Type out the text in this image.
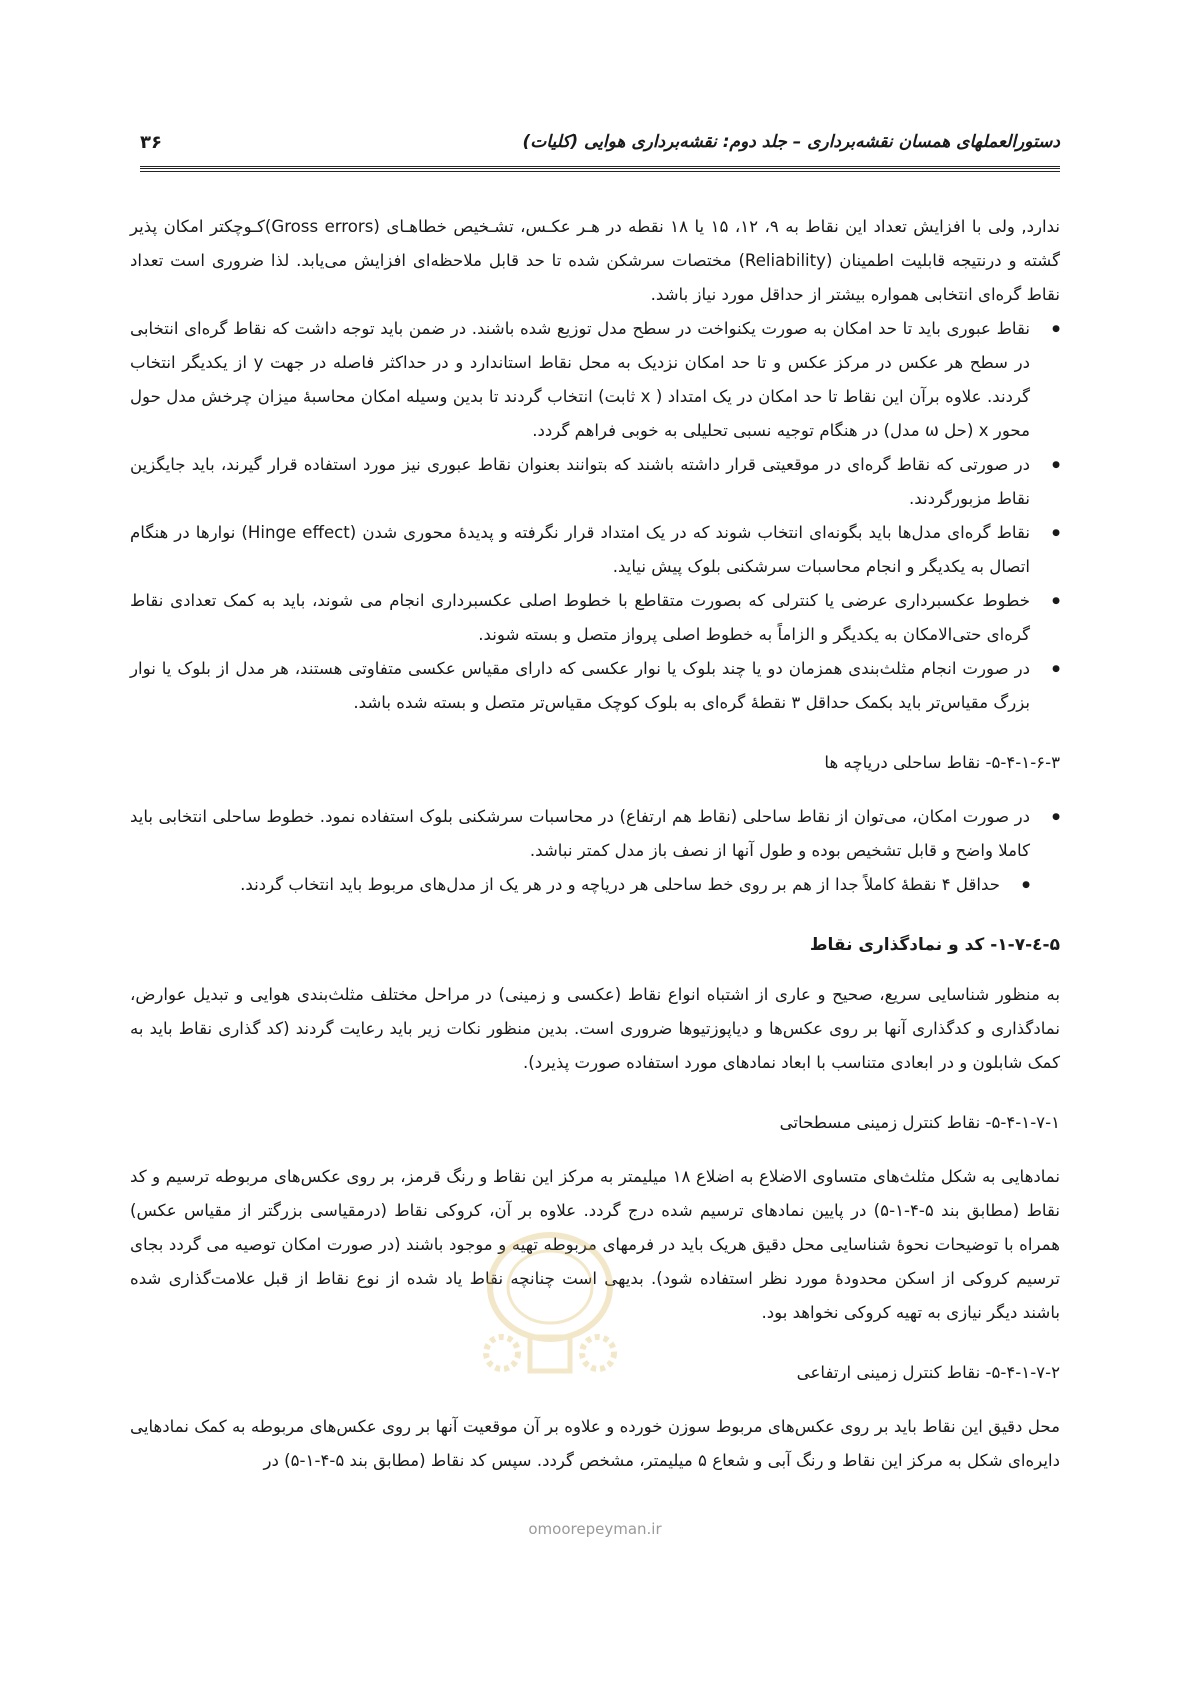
دستورالعملهای همسان نقشه‌برداری – جلد دوم: نقشه‌برداری هوایی (کلیات)
۳۶

ندارد, ولی با افزایش تعداد این نقاط به ۹، ۱۲، ۱۵ یا ۱۸ نقطه در هـر عکـس، تشـخیص خطاهـای (Gross errors)کـوچکتر امکان پذیر گشته و درنتیجه قابلیت اطمینان (Reliability) مختصات سرشکن شده تا حد قابل ملاحظه‌ای افزایش می‌یابد. لذا ضروری است تعداد نقاط گره‌ای انتخابی همواره بیشتر از حداقل مورد نیاز باشد.

● نقاط عبوری باید تا حد امکان به صورت یکنواخت در سطح مدل توزیع شده باشند. در ضمن باید توجه داشت که نقاط گره‌ای انتخابی در سطح هر عکس در مرکز عکس و تا حد امکان نزدیک به محل نقاط استاندارد و در حداکثر فاصله در جهت y از یکدیگر انتخاب گردند. علاوه برآن این نقاط تا حد امکان در یک امتداد ( x ثابت) انتخاب گردند تا بدین وسیله امکان محاسبهٔ میزان چرخش مدل حول محور x (حل ω مدل) در هنگام توجیه نسبی تحلیلی به خوبی فراهم گردد.
● در صورتی که نقاط گره‌ای در موقعیتی قرار داشته باشند که بتوانند بعنوان نقاط عبوری نیز مورد استفاده قرار گیرند، باید جایگزین نقاط مزبورگردند.
● نقاط گره‌ای مدل‌ها باید بگونه‌ای انتخاب شوند که در یک امتداد قرار نگرفته و پدیدهٔ محوری شدن (Hinge effect) نوارها در هنگام اتصال به یکدیگر و انجام محاسبات سرشکنی بلوک پیش نیاید.
● خطوط عکسبرداری عرضی یا کنترلی که بصورت متقاطع با خطوط اصلی عکسبرداری انجام می شوند، باید به کمک تعدادی نقاط گره‌ای حتی‌الامکان به یکدیگر و الزاماً به خطوط اصلی پرواز متصل و بسته شوند.
● در صورت انجام مثلث‌بندی همزمان دو یا چند بلوک یا نوار عکسی که دارای مقیاس عکسی متفاوتی هستند، هر مدل از بلوک یا نوار بزرگ مقیاس‌تر باید بکمک حداقل ۳ نقطهٔ گره‌ای به بلوک کوچک مقیاس‌تر متصل و بسته شده باشد.

۵-۴-۱-۶-۳- نقاط ساحلی دریاچه ها

● در صورت امکان، می‌توان از نقاط ساحلی (نقاط هم ارتفاع) در محاسبات سرشکنی بلوک استفاده نمود. خطوط ساحلی انتخابی باید کاملا واضح و قابل تشخیص بوده و طول آنها از نصف باز مدل کمتر نباشد.
● حداقل ۴ نقطهٔ کاملاً جدا از هم بر روی خط ساحلی هر دریاچه و در هر یک از مدل‌های مربوط باید انتخاب گردند.

۵-٤-۱-۷- کد و نمادگذاری نقاط

به منظور شناسایی سریع، صحیح و عاری از اشتباه انواع نقاط (عکسی و زمینی) در مراحل مختلف مثلث‌بندی هوایی و تبدیل عوارض، نمادگذاری و کدگذاری آنها بر روی عکس‌ها و دیاپوزتیوها ضروری است. بدین منظور نکات زیر باید رعایت گردند (کد گذاری نقاط باید به کمک شابلون و در ابعادی متناسب با ابعاد نمادهای مورد استفاده صورت پذیرد).

۵-۴-۱-۷-۱- نقاط کنترل زمینی مسطحاتی

نمادهایی به شکل مثلث‌های متساوی الاضلاع به اضلاع ۱۸ میلیمتر به مرکز این نقاط و رنگ قرمز، بر روی عکس‌های مربوطه ترسیم و کد نقاط (مطابق بند ۵-۴-۱-۵) در پایین نمادهای ترسیم شده درج گردد. علاوه بر آن، کروکی نقاط (درمقیاسی بزرگتر از مقیاس عکس) همراه با توضیحات نحوهٔ شناسایی محل دقیق هریک باید در فرمهای مربوطه تهیه و موجود باشند (در صورت امکان توصیه می گردد بجای ترسیم کروکی از اسکن محدودهٔ مورد نظر استفاده شود). بدیهی است چنانچه نقاط یاد شده از نوع نقاط از قبل علامت‌گذاری شده باشند دیگر نیازی به تهیه کروکی نخواهد بود.

۵-۴-۱-۷-۲- نقاط کنترل زمینی ارتفاعی

محل دقیق این نقاط باید بر روی عکس‌های مربوط سوزن خورده و علاوه بر آن موقعیت آنها بر روی عکس‌های مربوطه به کمک نمادهایی دایره‌ای شکل به مرکز این نقاط و رنگ آبی و شعاع ۵ میلیمتر، مشخص گردد. سپس کد نقاط (مطابق بند ۵-۴-۱-۵) در

omoorepeyman.ir
